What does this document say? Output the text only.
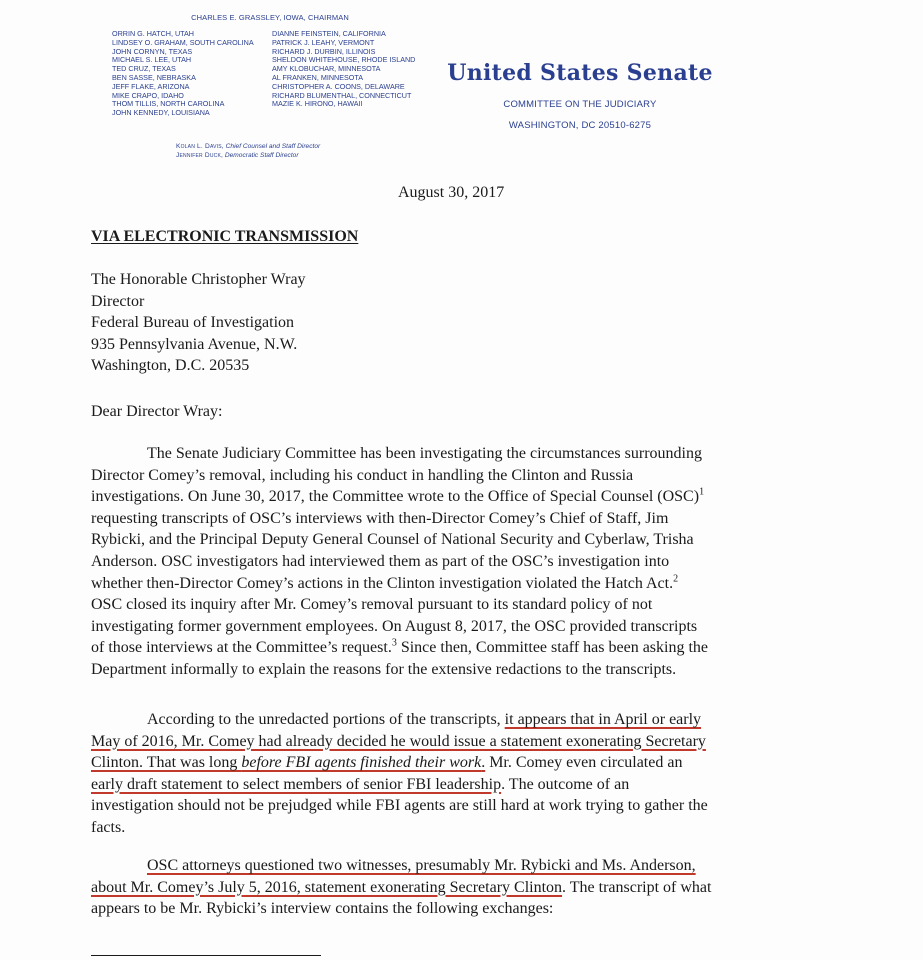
CHARLES E. GRASSLEY, IOWA, CHAIRMAN
ORRIN G. HATCH, UTAH
LINDSEY O. GRAHAM, SOUTH CAROLINA
JOHN CORNYN, TEXAS
MICHAEL S. LEE, UTAH
TED CRUZ, TEXAS
BEN SASSE, NEBRASKA
JEFF FLAKE, ARIZONA
MIKE CRAPO, IDAHO
THOM TILLIS, NORTH CAROLINA
JOHN KENNEDY, LOUISIANA
DIANNE FEINSTEIN, CALIFORNIA
PATRICK J. LEAHY, VERMONT
RICHARD J. DURBIN, ILLINOIS
SHELDON WHITEHOUSE, RHODE ISLAND
AMY KLOBUCHAR, MINNESOTA
AL FRANKEN, MINNESOTA
CHRISTOPHER A. COONS, DELAWARE
RICHARD BLUMENTHAL, CONNECTICUT
MAZIE K. HIRONO, HAWAII
Kolan L. Davis, Chief Counsel and Staff Director
Jennifer Duck, Democratic Staff Director
United States Senate
COMMITTEE ON THE JUDICIARY
WASHINGTON, DC 20510-6275
August 30, 2017
VIA ELECTRONIC TRANSMISSION
The Honorable Christopher Wray
Director
Federal Bureau of Investigation
935 Pennsylvania Avenue, N.W.
Washington, D.C. 20535
Dear Director Wray:
The Senate Judiciary Committee has been investigating the circumstances surrounding
Director Comey’s removal, including his conduct in handling the Clinton and Russia
investigations. On June 30, 2017, the Committee wrote to the Office of Special Counsel (OSC)$^1$
requesting transcripts of OSC’s interviews with then-Director Comey’s Chief of Staff, Jim
Rybicki, and the Principal Deputy General Counsel of National Security and Cyberlaw, Trisha
Anderson. OSC investigators had interviewed them as part of the OSC’s investigation into
whether then-Director Comey’s actions in the Clinton investigation violated the Hatch Act.$^2$
OSC closed its inquiry after Mr. Comey’s removal pursuant to its standard policy of not
investigating former government employees. On August 8, 2017, the OSC provided transcripts
of those interviews at the Committee’s request.$^3$ Since then, Committee staff has been asking the
Department informally to explain the reasons for the extensive redactions to the transcripts.
According to the unredacted portions of the transcripts, it appears that in April or early
May of 2016, Mr. Comey had already decided he would issue a statement exonerating Secretary
Clinton. That was long before FBI agents finished their work. Mr. Comey even circulated an
early draft statement to select members of senior FBI leadership. The outcome of an
investigation should not be prejudged while FBI agents are still hard at work trying to gather the
facts.
OSC attorneys questioned two witnesses, presumably Mr. Rybicki and Ms. Anderson,
about Mr. Comey’s July 5, 2016, statement exonerating Secretary Clinton. The transcript of what
appears to be Mr. Rybicki’s interview contains the following exchanges:
